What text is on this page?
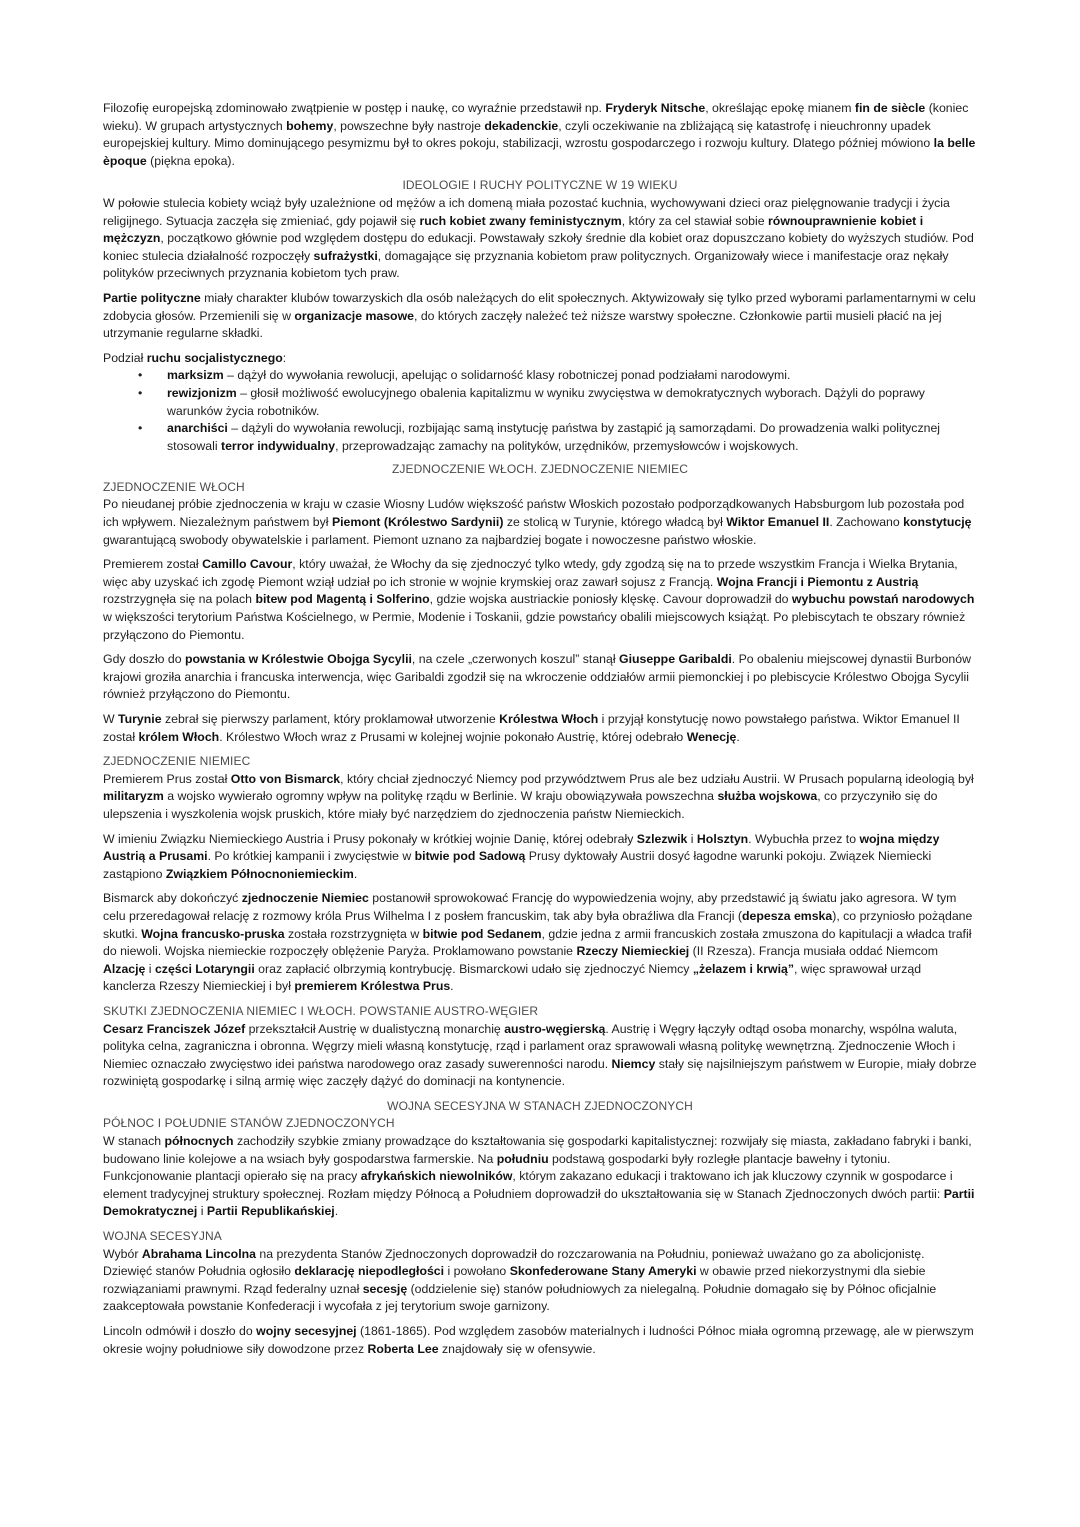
Filozofię europejską zdominowało zwątpienie w postęp i naukę, co wyraźnie przedstawił np. Fryderyk Nitsche, określając epokę mianem fin de siècle (koniec wieku). W grupach artystycznych bohemy, powszechne były nastroje dekadenckie, czyli oczekiwanie na zbliżającą się katastrofę i nieuchronny upadek europejskiej kultury. Mimo dominującego pesymizmu był to okres pokoju, stabilizacji, wzrostu gospodarczego i rozwoju kultury. Dlatego później mówiono la belle èpoque (piękna epoka).

IDEOLOGIE I RUCHY POLITYCZNE W 19 WIEKU

W połowie stulecia kobiety wciąż były uzależnione od mężów a ich domeną miała pozostać kuchnia, wychowywani dzieci oraz pielęgnowanie tradycji i życia religijnego. Sytuacja zaczęła się zmieniać, gdy pojawił się ruch kobiet zwany feministycznym, który za cel stawiał sobie równouprawnienie kobiet i mężczyzn, początkowo głównie pod względem dostępu do edukacji. Powstawały szkoły średnie dla kobiet oraz dopuszczano kobiety do wyższych studiów. Pod koniec stulecia działalność rozpoczęły sufrażystki, domagające się przyznania kobietom praw politycznych. Organizowały wiece i manifestacje oraz nękały polityków przeciwnych przyznania kobietom tych praw.

Partie polityczne miały charakter klubów towarzyskich dla osób należących do elit społecznych. Aktywizowały się tylko przed wyborami parlamentarnymi w celu zdobycia głosów. Przemienili się w organizacje masowe, do których zaczęły należeć też niższe warstwy społeczne. Członkowie partii musieli płacić na jej utrzymanie regularne składki.

Podział ruchu socjalistycznego:

• marksizm – dążył do wywołania rewolucji, apelując o solidarność klasy robotniczej ponad podziałami narodowymi.
• rewizjonizm – głosił możliwość ewolucyjnego obalenia kapitalizmu w wyniku zwycięstwa w demokratycznych wyborach. Dążyli do poprawy warunków życia robotników.
• anarchiści – dążyli do wywołania rewolucji, rozbijając samą instytucję państwa by zastąpić ją samorządami. Do prowadzenia walki politycznej stosowali terror indywidualny, przeprowadzając zamachy na polityków, urzędników, przemysłowców i wojskowych.
ZJEDNOCZENIE WŁOCH. ZJEDNOCZENIE NIEMIEC
ZJEDNOCZENIE WŁOCH

Po nieudanej próbie zjednoczenia w kraju w czasie Wiosny Ludów większość państw Włoskich pozostało podporządkowanych Habsburgom lub pozostała pod ich wpływem. Niezależnym państwem był Piemont (Królestwo Sardynii) ze stolicą w Turynie, którego władcą był Wiktor Emanuel II. Zachowano konstytucję gwarantującą swobody obywatelskie i parlament. Piemont uznano za najbardziej bogate i nowoczesne państwo włoskie.

Premierem został Camillo Cavour, który uważał, że Włochy da się zjednoczyć tylko wtedy, gdy zgodzą się na to przede wszystkim Francja i Wielka Brytania, więc aby uzyskać ich zgodę Piemont wziął udział po ich stronie w wojnie krymskiej oraz zawarł sojusz z Francją. Wojna Francji i Piemontu z Austrią rozstrzygnęła się na polach bitew pod Magentą i Solferino, gdzie wojska austriackie poniosły klęskę. Cavour doprowadził do wybuchu powstań narodowych w większości terytorium Państwa Kościelnego, w Permie, Modenie i Toskanii, gdzie powstańcy obalili miejscowych książąt. Po plebiscytach te obszary również przyłączono do Piemontu.

Gdy doszło do powstania w Królestwie Obojga Sycylii, na czele „czerwonych koszul” stanął Giuseppe Garibaldi. Po obaleniu miejscowej dynastii Burbonów krajowi groziła anarchia i francuska interwencja, więc Garibaldi zgodził się na wkroczenie oddziałów armii piemonckiej i po plebiscycie Królestwo Obojga Sycylii również przyłączono do Piemontu.

W Turynie zebrał się pierwszy parlament, który proklamował utworzenie Królestwa Włoch i przyjął konstytucję nowo powstałego państwa. Wiktor Emanuel II został królem Włoch. Królestwo Włoch wraz z Prusami w kolejnej wojnie pokonało Austrię, której odebrało Wenecję.

ZJEDNOCZENIE NIEMIEC

Premierem Prus został Otto von Bismarck, który chciał zjednoczyć Niemcy pod przywództwem Prus ale bez udziału Austrii. W Prusach popularną ideologią był militaryzm a wojsko wywierało ogromny wpływ na politykę rządu w Berlinie. W kraju obowiązywała powszechna służba wojskowa, co przyczyniło się do ulepszenia i wyszkolenia wojsk pruskich, które miały być narzędziem do zjednoczenia państw Niemieckich.

W imieniu Związku Niemieckiego Austria i Prusy pokonały w krótkiej wojnie Danię, której odebrały Szlezwik i Holsztyn. Wybuchła przez to wojna między Austrią a Prusami. Po krótkiej kampanii i zwycięstwie w bitwie pod Sadową Prusy dyktowały Austrii dosyć łagodne warunki pokoju. Związek Niemiecki zastąpiono Związkiem Północnoniemieckim.

Bismarck aby dokończyć zjednoczenie Niemiec postanowił sprowokować Francję do wypowiedzenia wojny, aby przedstawić ją światu jako agresora. W tym celu przeredagował relację z rozmowy króla Prus Wilhelma I z posłem francuskim, tak aby była obraźliwa dla Francji (depesza emska), co przyniosło pożądane skutki. Wojna francusko-pruska została rozstrzygnięta w bitwie pod Sedanem, gdzie jedna z armii francuskich została zmuszona do kapitulacji a władca trafił do niewoli. Wojska niemieckie rozpoczęły oblężenie Paryża. Proklamowano powstanie Rzeczy Niemieckiej (II Rzesza). Francja musiała oddać Niemcom Alzację i części Lotaryngii oraz zapłacić olbrzymią kontrybucję. Bismarckowi udało się zjednoczyć Niemcy „żelazem i krwią”, więc sprawował urząd kanclerza Rzeszy Niemieckiej i był premierem Królestwa Prus.

SKUTKI ZJEDNOCZENIA NIEMIEC I WŁOCH. POWSTANIE AUSTRO-WĘGIER

Cesarz Franciszek Józef przekształcił Austrię w dualistyczną monarchię austro-węgierską. Austrię i Węgry łączyły odtąd osoba monarchy, wspólna waluta, polityka celna, zagraniczna i obronna. Węgrzy mieli własną konstytucję, rząd i parlament oraz sprawowali własną politykę wewnętrzną. Zjednoczenie Włoch i Niemiec oznaczało zwycięstwo idei państwa narodowego oraz zasady suwerenności narodu. Niemcy stały się najsilniejszym państwem w Europie, miały dobrze rozwiniętą gospodarkę i silną armię więc zaczęły dążyć do dominacji na kontynencie.

WOJNA SECESYJNA W STANACH ZJEDNOCZONYCH
PÓŁNOC I POŁUDNIE STANÓW ZJEDNOCZONYCH

W stanach północnych zachodziły szybkie zmiany prowadzące do kształtowania się gospodarki kapitalistycznej: rozwijały się miasta, zakładano fabryki i banki, budowano linie kolejowe a na wsiach były gospodarstwa farmerskie. Na południu podstawą gospodarki były rozległe plantacje bawełny i tytoniu. Funkcjonowanie plantacji opierało się na pracy afrykańskich niewolników, którym zakazano edukacji i traktowano ich jak kluczowy czynnik w gospodarce i element tradycyjnej struktury społecznej. Rozłam między Północą a Południem doprowadził do ukształtowania się w Stanach Zjednoczonych dwóch partii: Partii Demokratycznej i Partii Republikańskiej.

WOJNA SECESYJNA

Wybór Abrahama Lincolna na prezydenta Stanów Zjednoczonych doprowadził do rozczarowania na Południu, ponieważ uważano go za abolicjonistę. Dziewięć stanów Południa ogłosiło deklarację niepodległości i powołano Skonfederowane Stany Ameryki w obawie przed niekorzystnymi dla siebie rozwiązaniami prawnymi. Rząd federalny uznał secesję (oddzielenie się) stanów południowych za nielegalną. Południe domagało się by Północ oficjalnie zaakceptowała powstanie Konfederacji i wycofała z jej terytorium swoje garnizony.

Lincoln odmówił i doszło do wojny secesyjnej (1861-1865). Pod względem zasobów materialnych i ludności Północ miała ogromną przewagę, ale w pierwszym okresie wojny południowe siły dowodzone przez Roberta Lee znajdowały się w ofensywie.
